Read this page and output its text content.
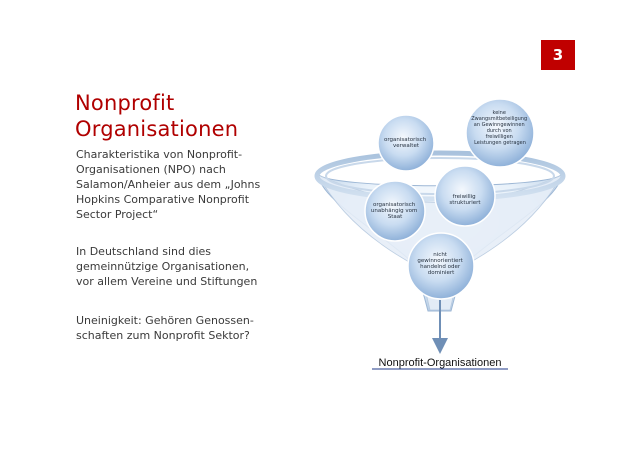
3
Nonprofit
Organisationen
Charakteristika von Nonprofit-
Organisationen (NPO) nach
Salamon/Anheier aus dem „Johns
Hopkins Comparative Nonprofit
Sector Project“
In Deutschland sind dies
gemeinnützige Organisationen,
vor allem Vereine und Stiftungen
Uneinigkeit: Gehören Genossen-
schaften zum Nonprofit Sektor?
organisatorisch verwaltet
keine Zwangsmitbeteiligung an Gewinngewinnen durch von freiwilligen Leistungen getragen
freiwillig strukturiert
organisatorisch unabhängig vom Staat
nicht gewinnorientiert handelnd oder dominiert
Nonprofit-Organisationen
